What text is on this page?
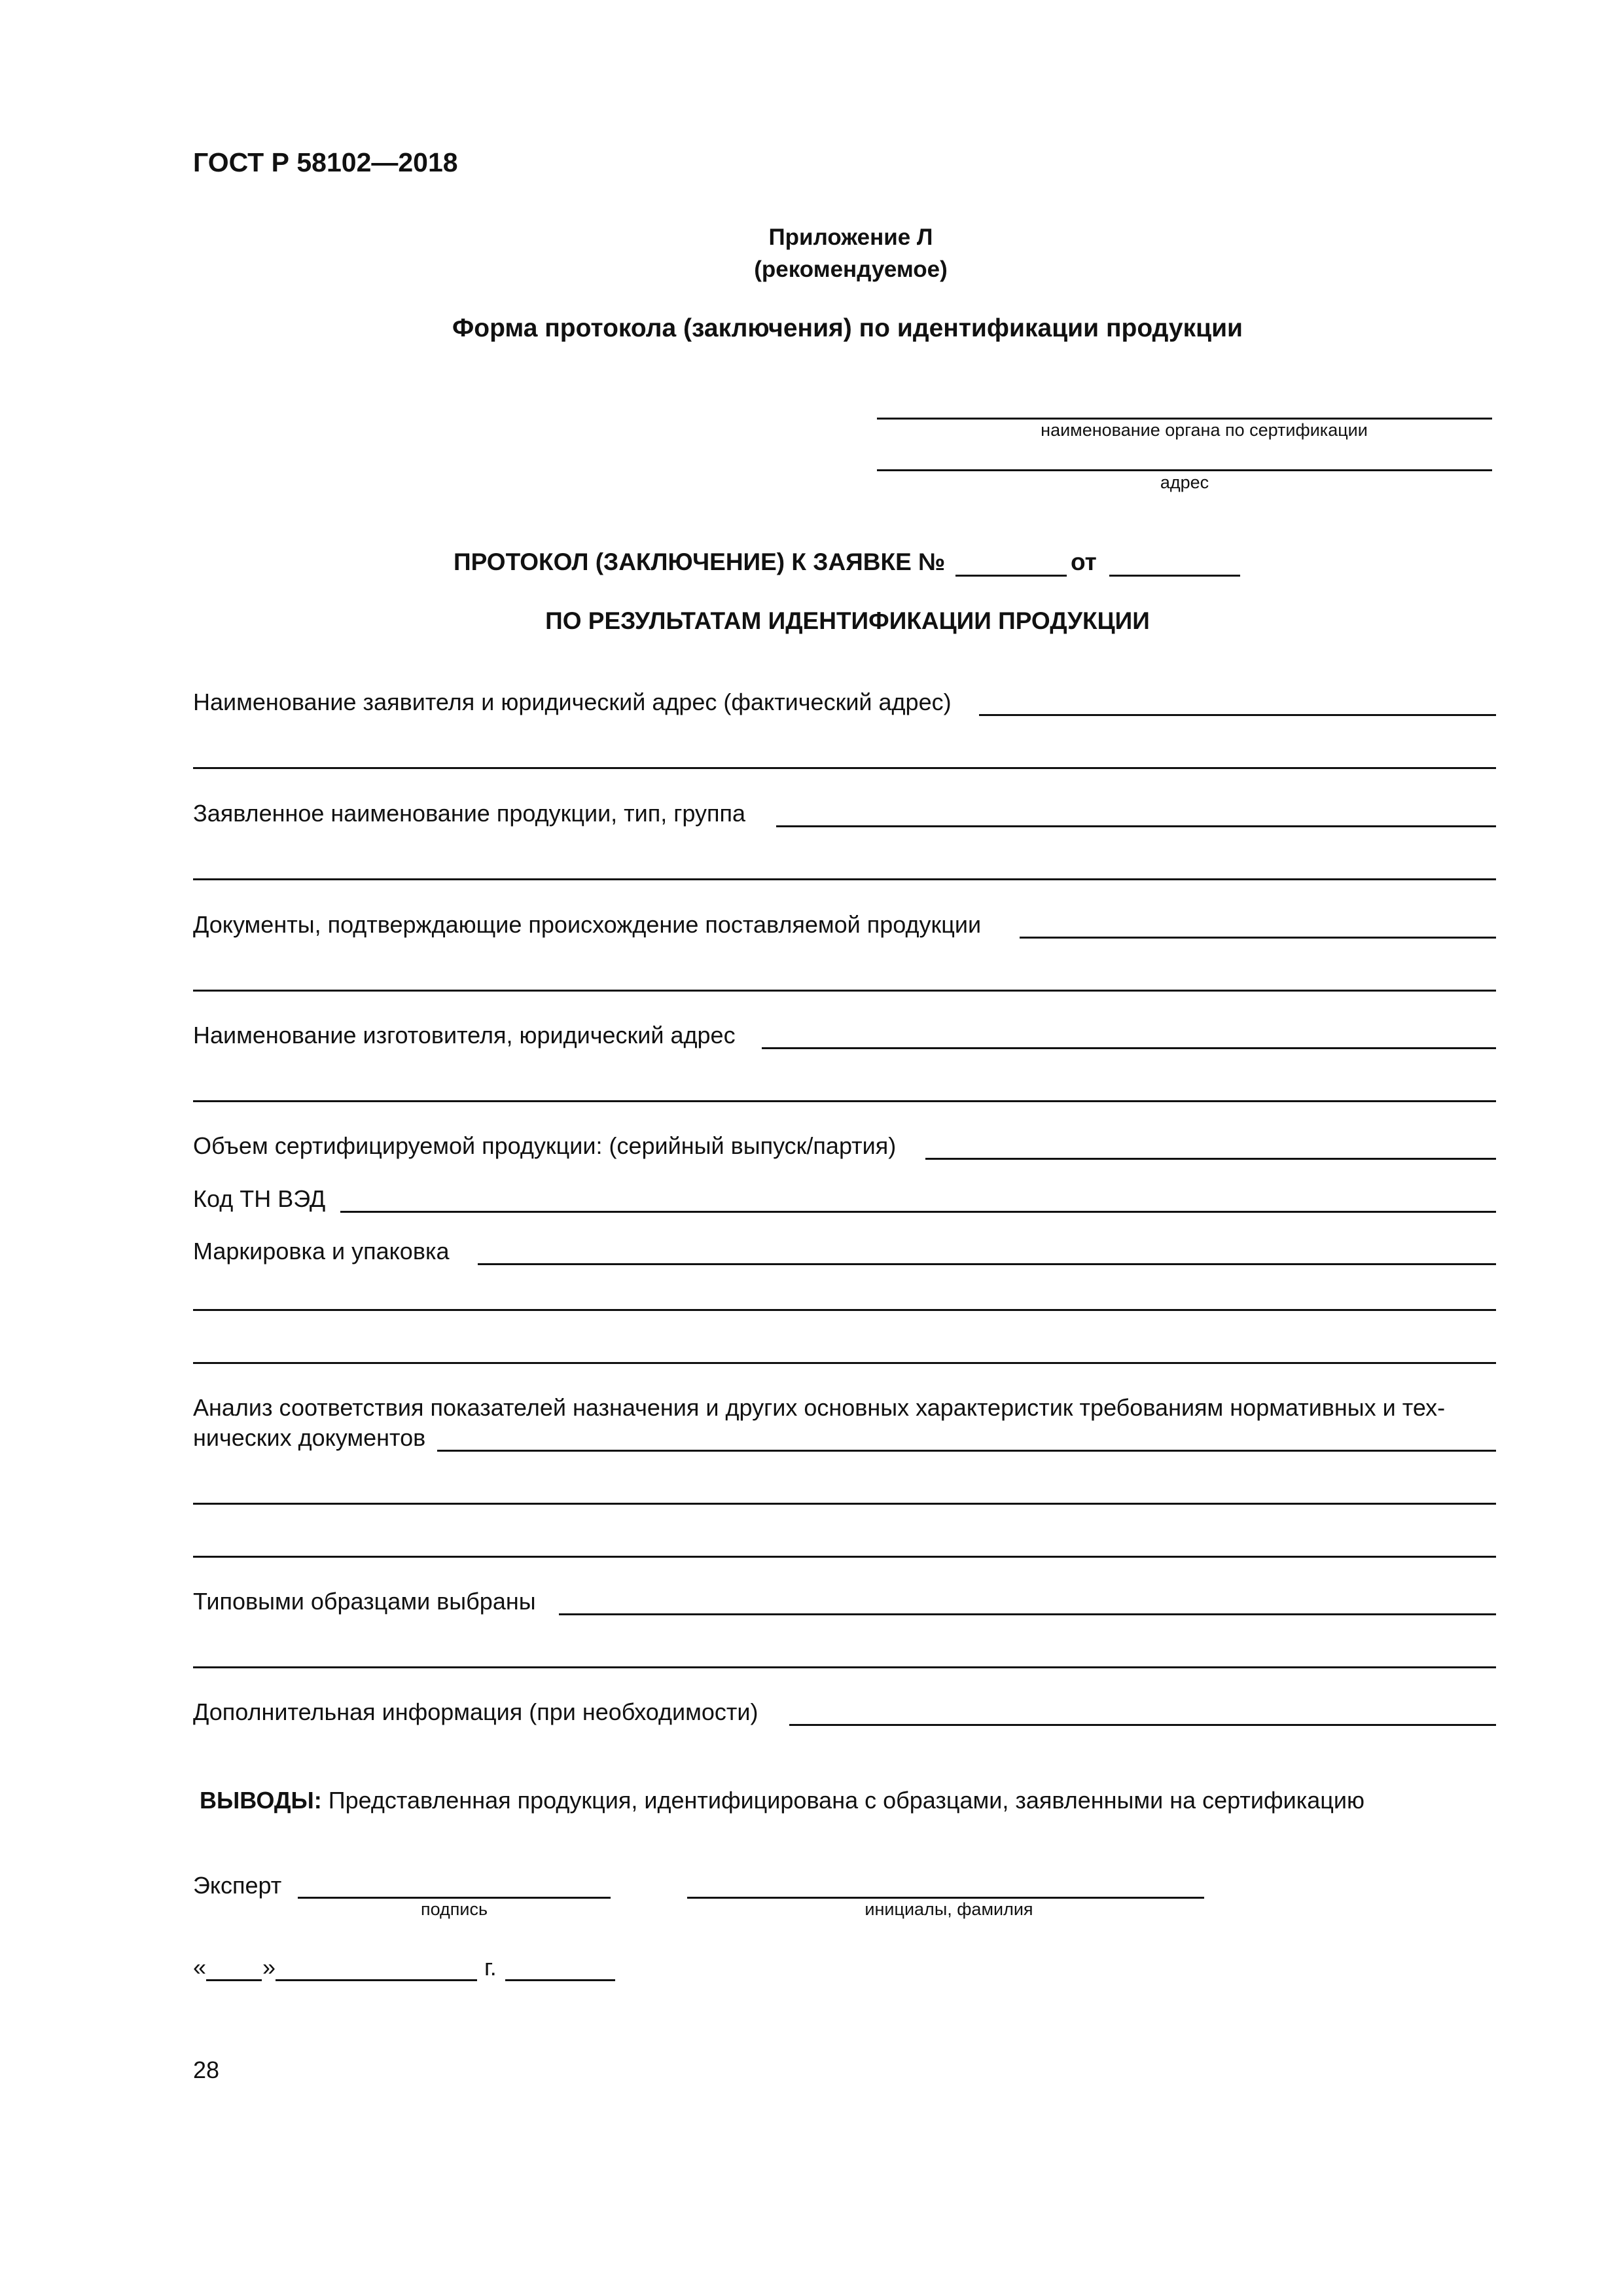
ГОСТ Р 58102—2018
Приложение Л
(рекомендуемое)
Форма протокола (заключения) по идентификации продукции
наименование органа по сертификации
адрес
ПРОТОКОЛ (ЗАКЛЮЧЕНИЕ) К ЗАЯВКЕ №	от
ПО РЕЗУЛЬТАТАМ ИДЕНТИФИКАЦИИ ПРОДУКЦИИ
Наименование заявителя и юридический адрес (фактический адрес)
Заявленное наименование продукции, тип, группа
Документы, подтверждающие происхождение поставляемой продукции
Наименование изготовителя, юридический адрес
Объем сертифицируемой продукции: (серийный выпуск/партия)
Код ТН ВЭД
Маркировка и упаковка
Анализ соответствия показателей назначения и других основных характеристик требованиям нормативных и тех-
нических документов
Типовыми образцами выбраны
Дополнительная информация (при необходимости)
ВЫВОДЫ: Представленная продукция, идентифицирована с образцами, заявленными на сертификацию
Эксперт
подпись	инициалы, фамилия
« »	г.
28
